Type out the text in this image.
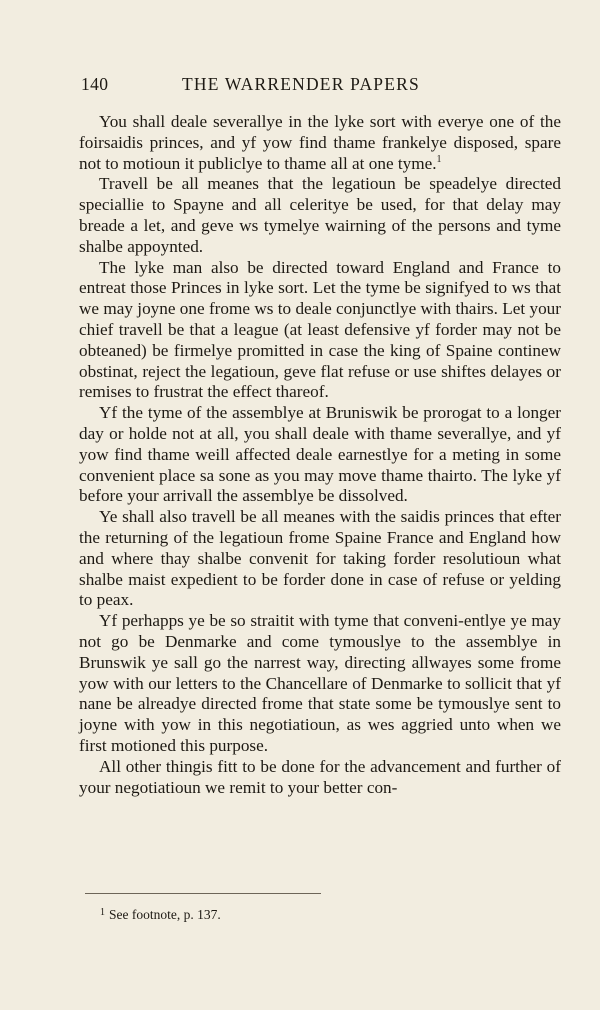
140	THE WARRENDER PAPERS

You shall deale severallye in the lyke sort with everye one of the foirsaidis princes, and yf yow find thame frankelye disposed, spare not to motioun it publiclye to thame all at one tyme.$^1$

Travell be all meanes that the legatioun be speadelye directed speciallie to Spayne and all celeritye be used, for that delay may breade a let, and geve ws tymelye wairning of the persons and tyme shalbe appoynted.

The lyke man also be directed toward England and France to entreat those Princes in lyke sort. Let the tyme be signifyed to ws that we may joyne one frome ws to deale conjunctlye with thairs. Let your chief travell be that a league (at least defensive yf forder may not be obteaned) be firmelye promitted in case the king of Spaine continew obstinat, reject the legatioun, geve flat refuse or use shiftes delayes or remises to frustrat the effect thareof.

Yf the tyme of the assemblye at Bruniswik be prorogat to a longer day or holde not at all, you shall deale with thame severallye, and yf yow find thame weill affected deale earnestlye for a meting in some convenient place sa sone as you may move thame thairto. The lyke yf before your arrivall the assemblye be dissolved.

Ye shall also travell be all meanes with the saidis princes that efter the returning of the legatioun frome Spaine France and England how and where thay shalbe convenit for taking forder resolutioun what shalbe maist expedient to be forder done in case of refuse or yelding to peax.

Yf perhapps ye be so straitit with tyme that conveni-entlye ye may not go be Denmarke and come tymouslye to the assemblye in Brunswik ye sall go the narrest way, directing allwayes some frome yow with our letters to the Chancellare of Denmarke to sollicit that yf nane be alreadye directed frome that state some be tymouslye sent to joyne with yow in this negotiatioun, as wes aggried unto when we first motioned this purpose.

All other thingis fitt to be done for the advancement and further of your negotiatioun we remit to your better con-

$^1$ See footnote, p. 137.
